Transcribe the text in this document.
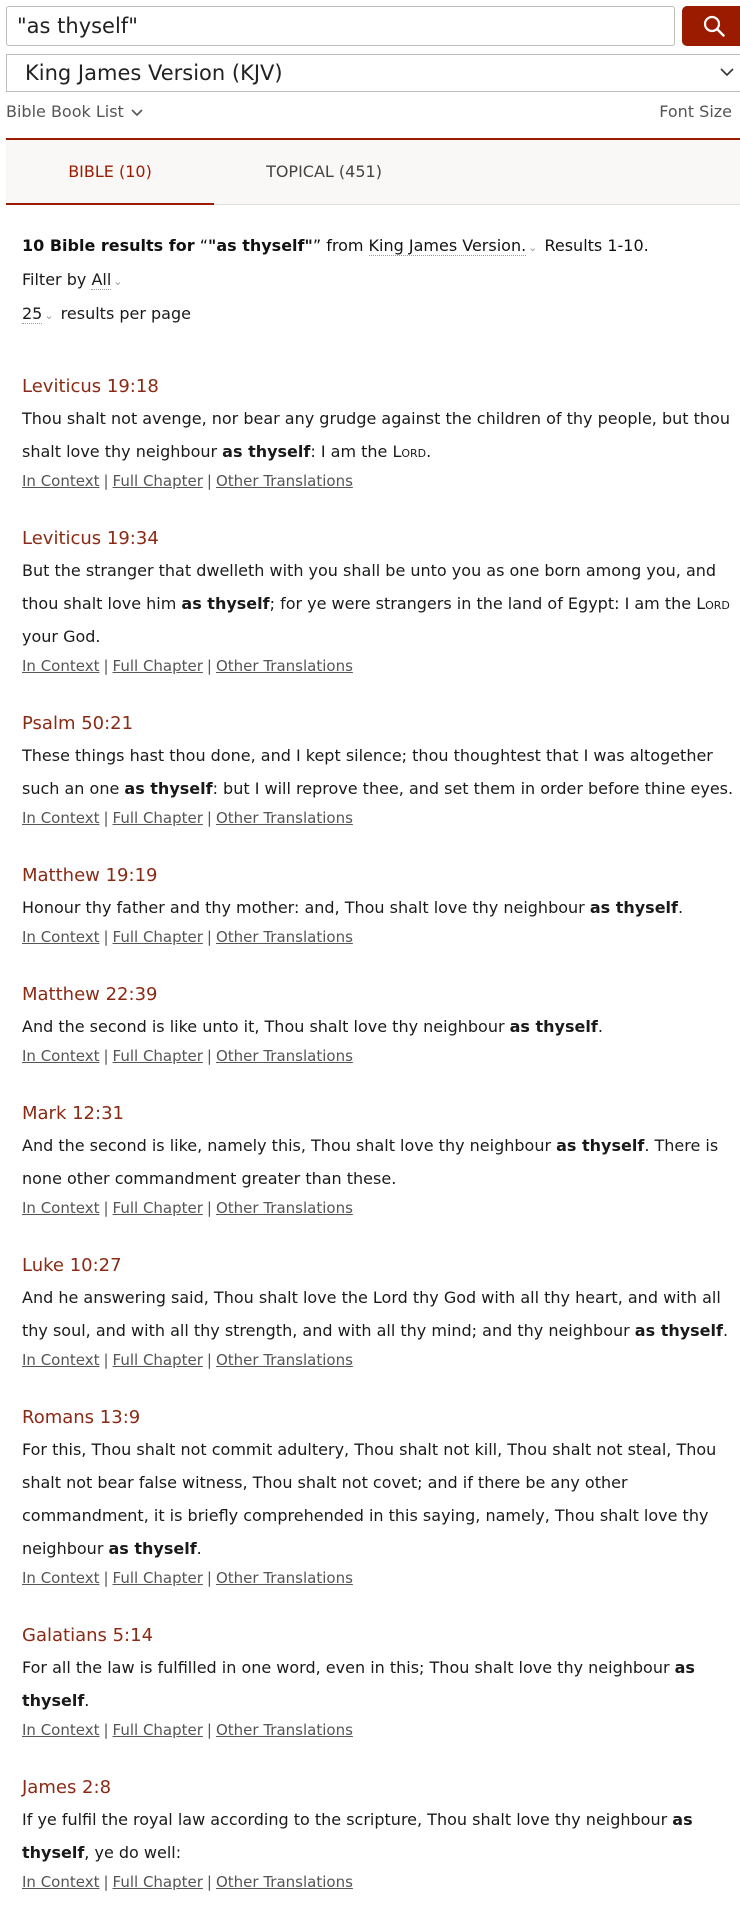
"as thyself"
King James Version (KJV)
Bible Book List	Font Size
BIBLE (10)	TOPICAL (451)
10 Bible results for “"as thyself"” from King James Version. ⌄ Results 1-10.
Filter by All ⌄
25 ⌄ results per page

Leviticus 19:18

Thou shalt not avenge, nor bear any grudge against the children of thy people, but thou shalt love thy neighbour as thyself: I am the Lord.

In Context | Full Chapter | Other Translations

Leviticus 19:34

But the stranger that dwelleth with you shall be unto you as one born among you, and thou shalt love him as thyself; for ye were strangers in the land of Egypt: I am the Lord your God.

In Context | Full Chapter | Other Translations

Psalm 50:21

These things hast thou done, and I kept silence; thou thoughtest that I was altogether such an one as thyself: but I will reprove thee, and set them in order before thine eyes.

In Context | Full Chapter | Other Translations

Matthew 19:19

Honour thy father and thy mother: and, Thou shalt love thy neighbour as thyself.

In Context | Full Chapter | Other Translations

Matthew 22:39

And the second is like unto it, Thou shalt love thy neighbour as thyself.

In Context | Full Chapter | Other Translations

Mark 12:31

And the second is like, namely this, Thou shalt love thy neighbour as thyself. There is none other commandment greater than these.

In Context | Full Chapter | Other Translations

Luke 10:27

And he answering said, Thou shalt love the Lord thy God with all thy heart, and with all thy soul, and with all thy strength, and with all thy mind; and thy neighbour as thyself.

In Context | Full Chapter | Other Translations

Romans 13:9

For this, Thou shalt not commit adultery, Thou shalt not kill, Thou shalt not steal, Thou shalt not bear false witness, Thou shalt not covet; and if there be any other commandment, it is briefly comprehended in this saying, namely, Thou shalt love thy neighbour as thyself.

In Context | Full Chapter | Other Translations

Galatians 5:14

For all the law is fulfilled in one word, even in this; Thou shalt love thy neighbour as thyself.

In Context | Full Chapter | Other Translations

James 2:8

If ye fulfil the royal law according to the scripture, Thou shalt love thy neighbour as thyself, ye do well:

In Context | Full Chapter | Other Translations
